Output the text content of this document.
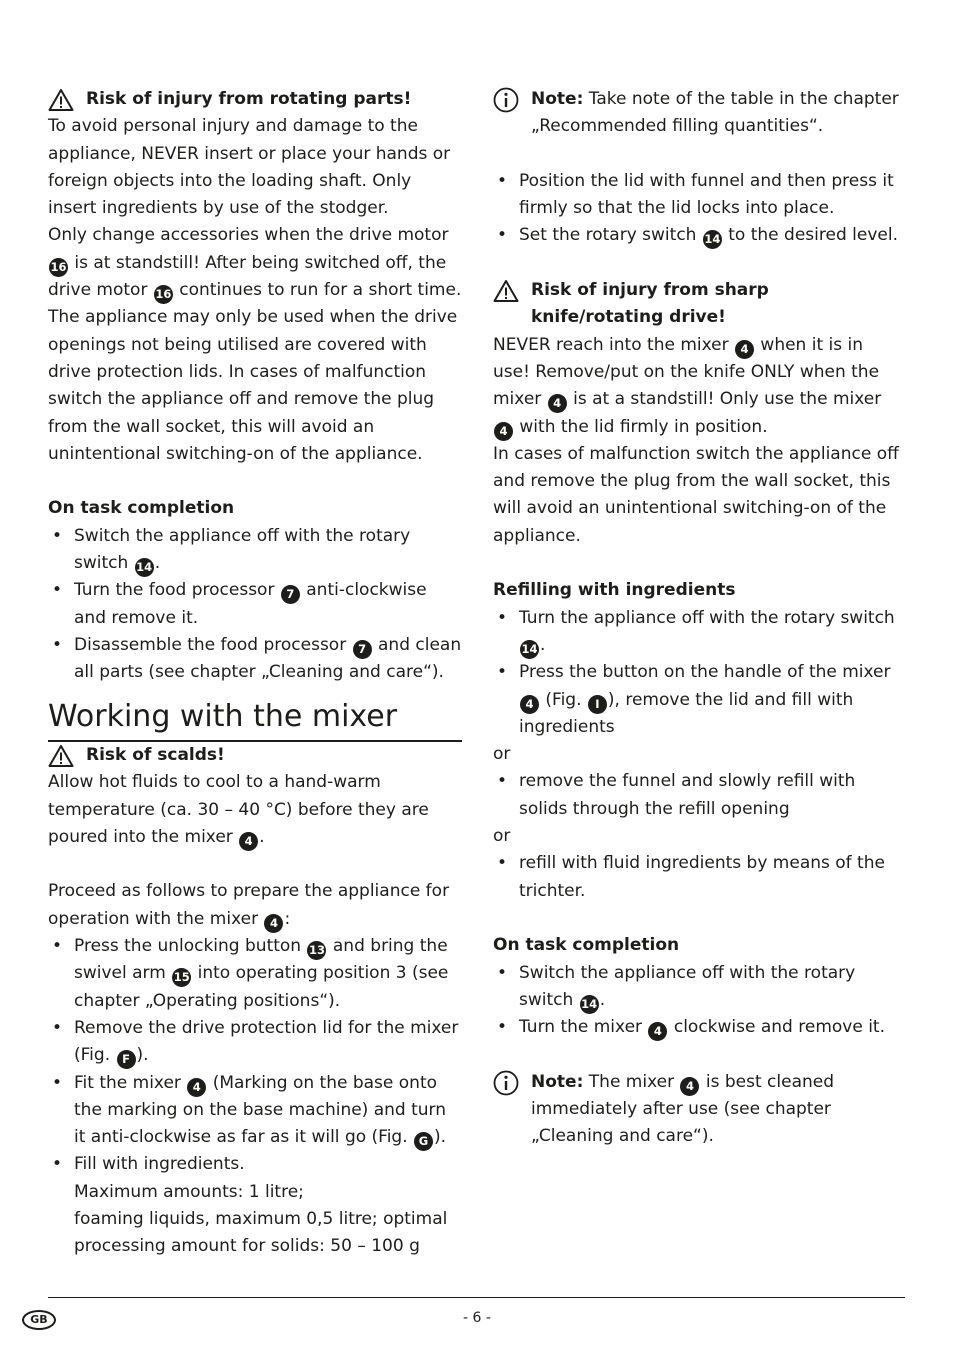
Risk of injury from rotating parts!

To avoid personal injury and damage to the appliance, NEVER insert or place your hands or foreign objects into the loading shaft. Only insert ingredients by use of the stodger.

Only change accessories when the drive motor 16 is at standstill! After being switched off, the drive motor 16 continues to run for a short time. The appliance may only be used when the drive openings not being utilised are covered with drive protection lids. In cases of malfunction switch the appliance off and remove the plug from the wall socket, this will avoid an unintentional switching-on of the appliance.

On task completion

• Switch the appliance off with the rotary switch 14 .
• Turn the food processor 7 anti-clockwise and remove it.
• Disassemble the food processor 7 and clean all parts (see chapter „Cleaning and care“).
Working with the mixer
Risk of scalds!

Allow hot fluids to cool to a hand-warm temperature (ca. 30 – 40 °C) before they are poured into the mixer 4 .

Proceed as follows to prepare the appliance for operation with the mixer 4 :

• Press the unlocking button 13 and bring the swivel arm 15 into operating position 3 (see chapter „Operating positions“).
• Remove the drive protection lid for the mixer (Fig. F ).
• Fit the mixer 4 (Marking on the base onto the marking on the base machine) and turn it anti-clockwise as far as it will go (Fig. G ).
• Fill with ingredients.
Maximum amounts: 1 litre;
foaming liquids, maximum 0,5 litre; optimal processing amount for solids: 50 – 100 g
Note: Take note of the table in the chapter „Recommended filling quantities“.
• Position the lid with funnel and then press it firmly so that the lid locks into place.
• Set the rotary switch 14 to the desired level.
Risk of injury from sharp knife/rotating drive!

NEVER reach into the mixer 4 when it is in use! Remove/put on the knife ONLY when the mixer 4 is at a standstill! Only use the mixer 4 with the lid firmly in position.

In cases of malfunction switch the appliance off and remove the plug from the wall socket, this will avoid an unintentional switching-on of the appliance.

Refilling with ingredients

• Turn the appliance off with the rotary switch 14 .
• Press the button on the handle of the mixer 4 (Fig. I ), remove the lid and fill with ingredients

or

• remove the funnel and slowly refill with solids through the refill opening

or

• refill with fluid ingredients by means of the trichter.

On task completion

• Switch the appliance off with the rotary switch 14 .
• Turn the mixer 4 clockwise and remove it.
Note: The mixer 4 is best cleaned immediately after use (see chapter „Cleaning and care“).
GB	- 6 -
